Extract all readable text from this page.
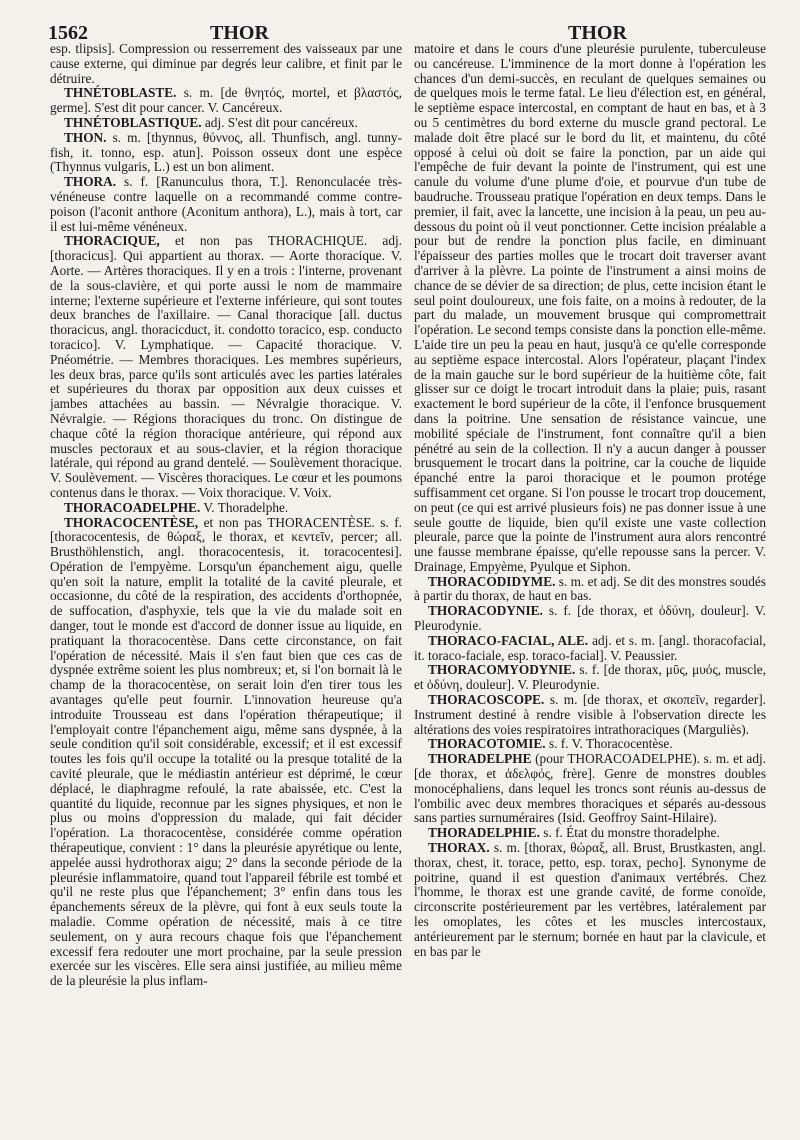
1562	THOR	THOR

esp. tlipsis]. Compression ou resserrement des vaisseaux par une cause externe, qui diminue par degrés leur calibre, et finit par le détruire.

THNÉTOBLASTE. s. m. [de θνητός, mortel, et βλαστός, germe]. S'est dit pour cancer. V. Cancéreux.

THNÉTOBLASTIQUE. adj. S'est dit pour cancéreux.

THON. s. m. [thynnus, θύννος, all. Thunfisch, angl. tunny-fish, it. tonno, esp. atun]. Poisson osseux dont une espèce (Thynnus vulgaris, L.) est un bon aliment.

THORA. s. f. [Ranunculus thora, T.]. Renonculacée très-vénéneuse contre laquelle on a recommandé comme contre-poison (l'aconit anthore (Aconitum anthora), L.), mais à tort, car il est lui-même vénéneux.

THORACIQUE, et non pas THORACHIQUE. adj. [thoracicus]. Qui appartient au thorax. — Aorte thoracique. V. Aorte. — Artères thoraciques. Il y en a trois : l'interne, provenant de la sous-clavière, et qui porte aussi le nom de mammaire interne; l'externe supérieure et l'externe inférieure, qui sont toutes deux branches de l'axillaire. — Canal thoracique [all. ductus thoracicus, angl. thoracicduct, it. condotto toracico, esp. conducto toracico]. V. Lymphatique. — Capacité thoracique. V. Pnéométrie. — Membres thoraciques. Les membres supérieurs, les deux bras, parce qu'ils sont articulés avec les parties latérales et supérieures du thorax par opposition aux deux cuisses et jambes attachées au bassin. — Névralgie thoracique. V. Névralgie. — Régions thoraciques du tronc. On distingue de chaque côté la région thoracique antérieure, qui répond aux muscles pectoraux et au sous-clavier, et la région thoracique latérale, qui répond au grand dentelé. — Soulèvement thoracique. V. Soulèvement. — Viscères thoraciques. Le cœur et les poumons contenus dans le thorax. — Voix thoracique. V. Voix.

THORACOADELPHE. V. Thoradelphe.

THORACOCENTÈSE, et non pas THORACENTÈSE. s. f. [thoracocentesis, de θώραξ, le thorax, et κεντεῖν, percer; all. Brusthöhlenstich, angl. thoracocentesis, it. toracocentesi]. Opération de l'empyème. Lorsqu'un épanchement aigu, quelle qu'en soit la nature, emplit la totalité de la cavité pleurale, et occasionne, du côté de la respiration, des accidents d'orthopnée, de suffocation, d'asphyxie, tels que la vie du malade soit en danger, tout le monde est d'accord de donner issue au liquide, en pratiquant la thoracocentèse. Dans cette circonstance, on fait l'opération de nécessité. Mais il s'en faut bien que ces cas de dyspnée extrême soient les plus nombreux; et, si l'on bornait là le champ de la thoracocentèse, on serait loin d'en tirer tous les avantages qu'elle peut fournir. L'innovation heureuse qu'a introduite Trousseau est dans l'opération thérapeutique; il l'employait contre l'épanchement aigu, même sans dyspnée, à la seule condition qu'il soit considérable, excessif; et il est excessif toutes les fois qu'il occupe la totalité ou la presque totalité de la cavité pleurale, que le médiastin antérieur est déprimé, le cœur déplacé, le diaphragme refoulé, la rate abaissée, etc. C'est la quantité du liquide, reconnue par les signes physiques, et non le plus ou moins d'oppression du malade, qui fait décider l'opération. La thoracocentèse, considérée comme opération thérapeutique, convient : 1° dans la pleurésie apyrétique ou lente, appelée aussi hydrothorax aigu; 2° dans la seconde période de la pleurésie inflammatoire, quand tout l'appareil fébrile est tombé et qu'il ne reste plus que l'épanchement; 3° enfin dans tous les épanchements séreux de la plèvre, qui font à eux seuls toute la maladie. Comme opération de nécessité, mais à ce titre seulement, on y aura recours chaque fois que l'épanchement excessif fera redouter une mort prochaine, par la seule pression exercée sur les viscères. Elle sera ainsi justifiée, au milieu même de la pleurésie la plus inflam-

matoire et dans le cours d'une pleurésie purulente, tuberculeuse ou cancéreuse. L'imminence de la mort donne à l'opération les chances d'un demi-succès, en reculant de quelques semaines ou de quelques mois le terme fatal. Le lieu d'élection est, en général, le septième espace intercostal, en comptant de haut en bas, et à 3 ou 5 centimètres du bord externe du muscle grand pectoral. Le malade doit être placé sur le bord du lit, et maintenu, du côté opposé à celui où doit se faire la ponction, par un aide qui l'empêche de fuir devant la pointe de l'instrument, qui est une canule du volume d'une plume d'oie, et pourvue d'un tube de baudruche. Trousseau pratique l'opération en deux temps. Dans le premier, il fait, avec la lancette, une incision à la peau, un peu au-dessous du point où il veut ponctionner. Cette incision préalable a pour but de rendre la ponction plus facile, en diminuant l'épaisseur des parties molles que le trocart doit traverser avant d'arriver à la plèvre. La pointe de l'instrument a ainsi moins de chance de se dévier de sa direction; de plus, cette incision étant le seul point douloureux, une fois faite, on a moins à redouter, de la part du malade, un mouvement brusque qui compromettrait l'opération. Le second temps consiste dans la ponction elle-même. L'aide tire un peu la peau en haut, jusqu'à ce qu'elle corresponde au septième espace intercostal. Alors l'opérateur, plaçant l'index de la main gauche sur le bord supérieur de la huitième côte, fait glisser sur ce doigt le trocart introduit dans la plaie; puis, rasant exactement le bord supérieur de la côte, il l'enfonce brusquement dans la poitrine. Une sensation de résistance vaincue, une mobilité spéciale de l'instrument, font connaître qu'il a bien pénétré au sein de la collection. Il n'y a aucun danger à pousser brusquement le trocart dans la poitrine, car la couche de liquide épanché entre la paroi thoracique et le poumon protége suffisamment cet organe. Si l'on pousse le trocart trop doucement, on peut (ce qui est arrivé plusieurs fois) ne pas donner issue à une seule goutte de liquide, bien qu'il existe une vaste collection pleurale, parce que la pointe de l'instrument aura alors rencontré une fausse membrane épaisse, qu'elle repousse sans la percer. V. Drainage, Empyème, Pyulque et Siphon.

THORACODIDYME. s. m. et adj. Se dit des monstres soudés à partir du thorax, de haut en bas.

THORACODYNIE. s. f. [de thorax, et ὀδύνη, douleur]. V. Pleurodynie.

THORACO-FACIAL, ALE. adj. et s. m. [angl. thoracofacial, it. toraco-faciale, esp. toraco-facial]. V. Peaussier.

THORACOMYODYNIE. s. f. [de thorax, μῦς, μυός, muscle, et ὀδύνη, douleur]. V. Pleurodynie.

THORACOSCOPE. s. m. [de thorax, et σκοπεῖν, regarder]. Instrument destiné à rendre visible à l'observation directe les altérations des voies respiratoires intrathoraciques (Marguliès).

THORACOTOMIE. s. f. V. Thoracocentèse.

THORADELPHE (pour THORACOADELPHE). s. m. et adj. [de thorax, et ἀδελφός, frère]. Genre de monstres doubles monocéphaliens, dans lequel les troncs sont réunis au-dessus de l'ombilic avec deux membres thoraciques et séparés au-dessous sans parties surnuméraires (Isid. Geoffroy Saint-Hilaire).

THORADELPHIE. s. f. État du monstre thoradelphe.

THORAX. s. m. [thorax, θώραξ, all. Brust, Brustkasten, angl. thorax, chest, it. torace, petto, esp. torax, pecho]. Synonyme de poitrine, quand il est question d'animaux vertébrés. Chez l'homme, le thorax est une grande cavité, de forme conoïde, circonscrite postérieurement par les vertèbres, latéralement par les omoplates, les côtes et les muscles intercostaux, antérieurement par le sternum; bornée en haut par la clavicule, et en bas par le
